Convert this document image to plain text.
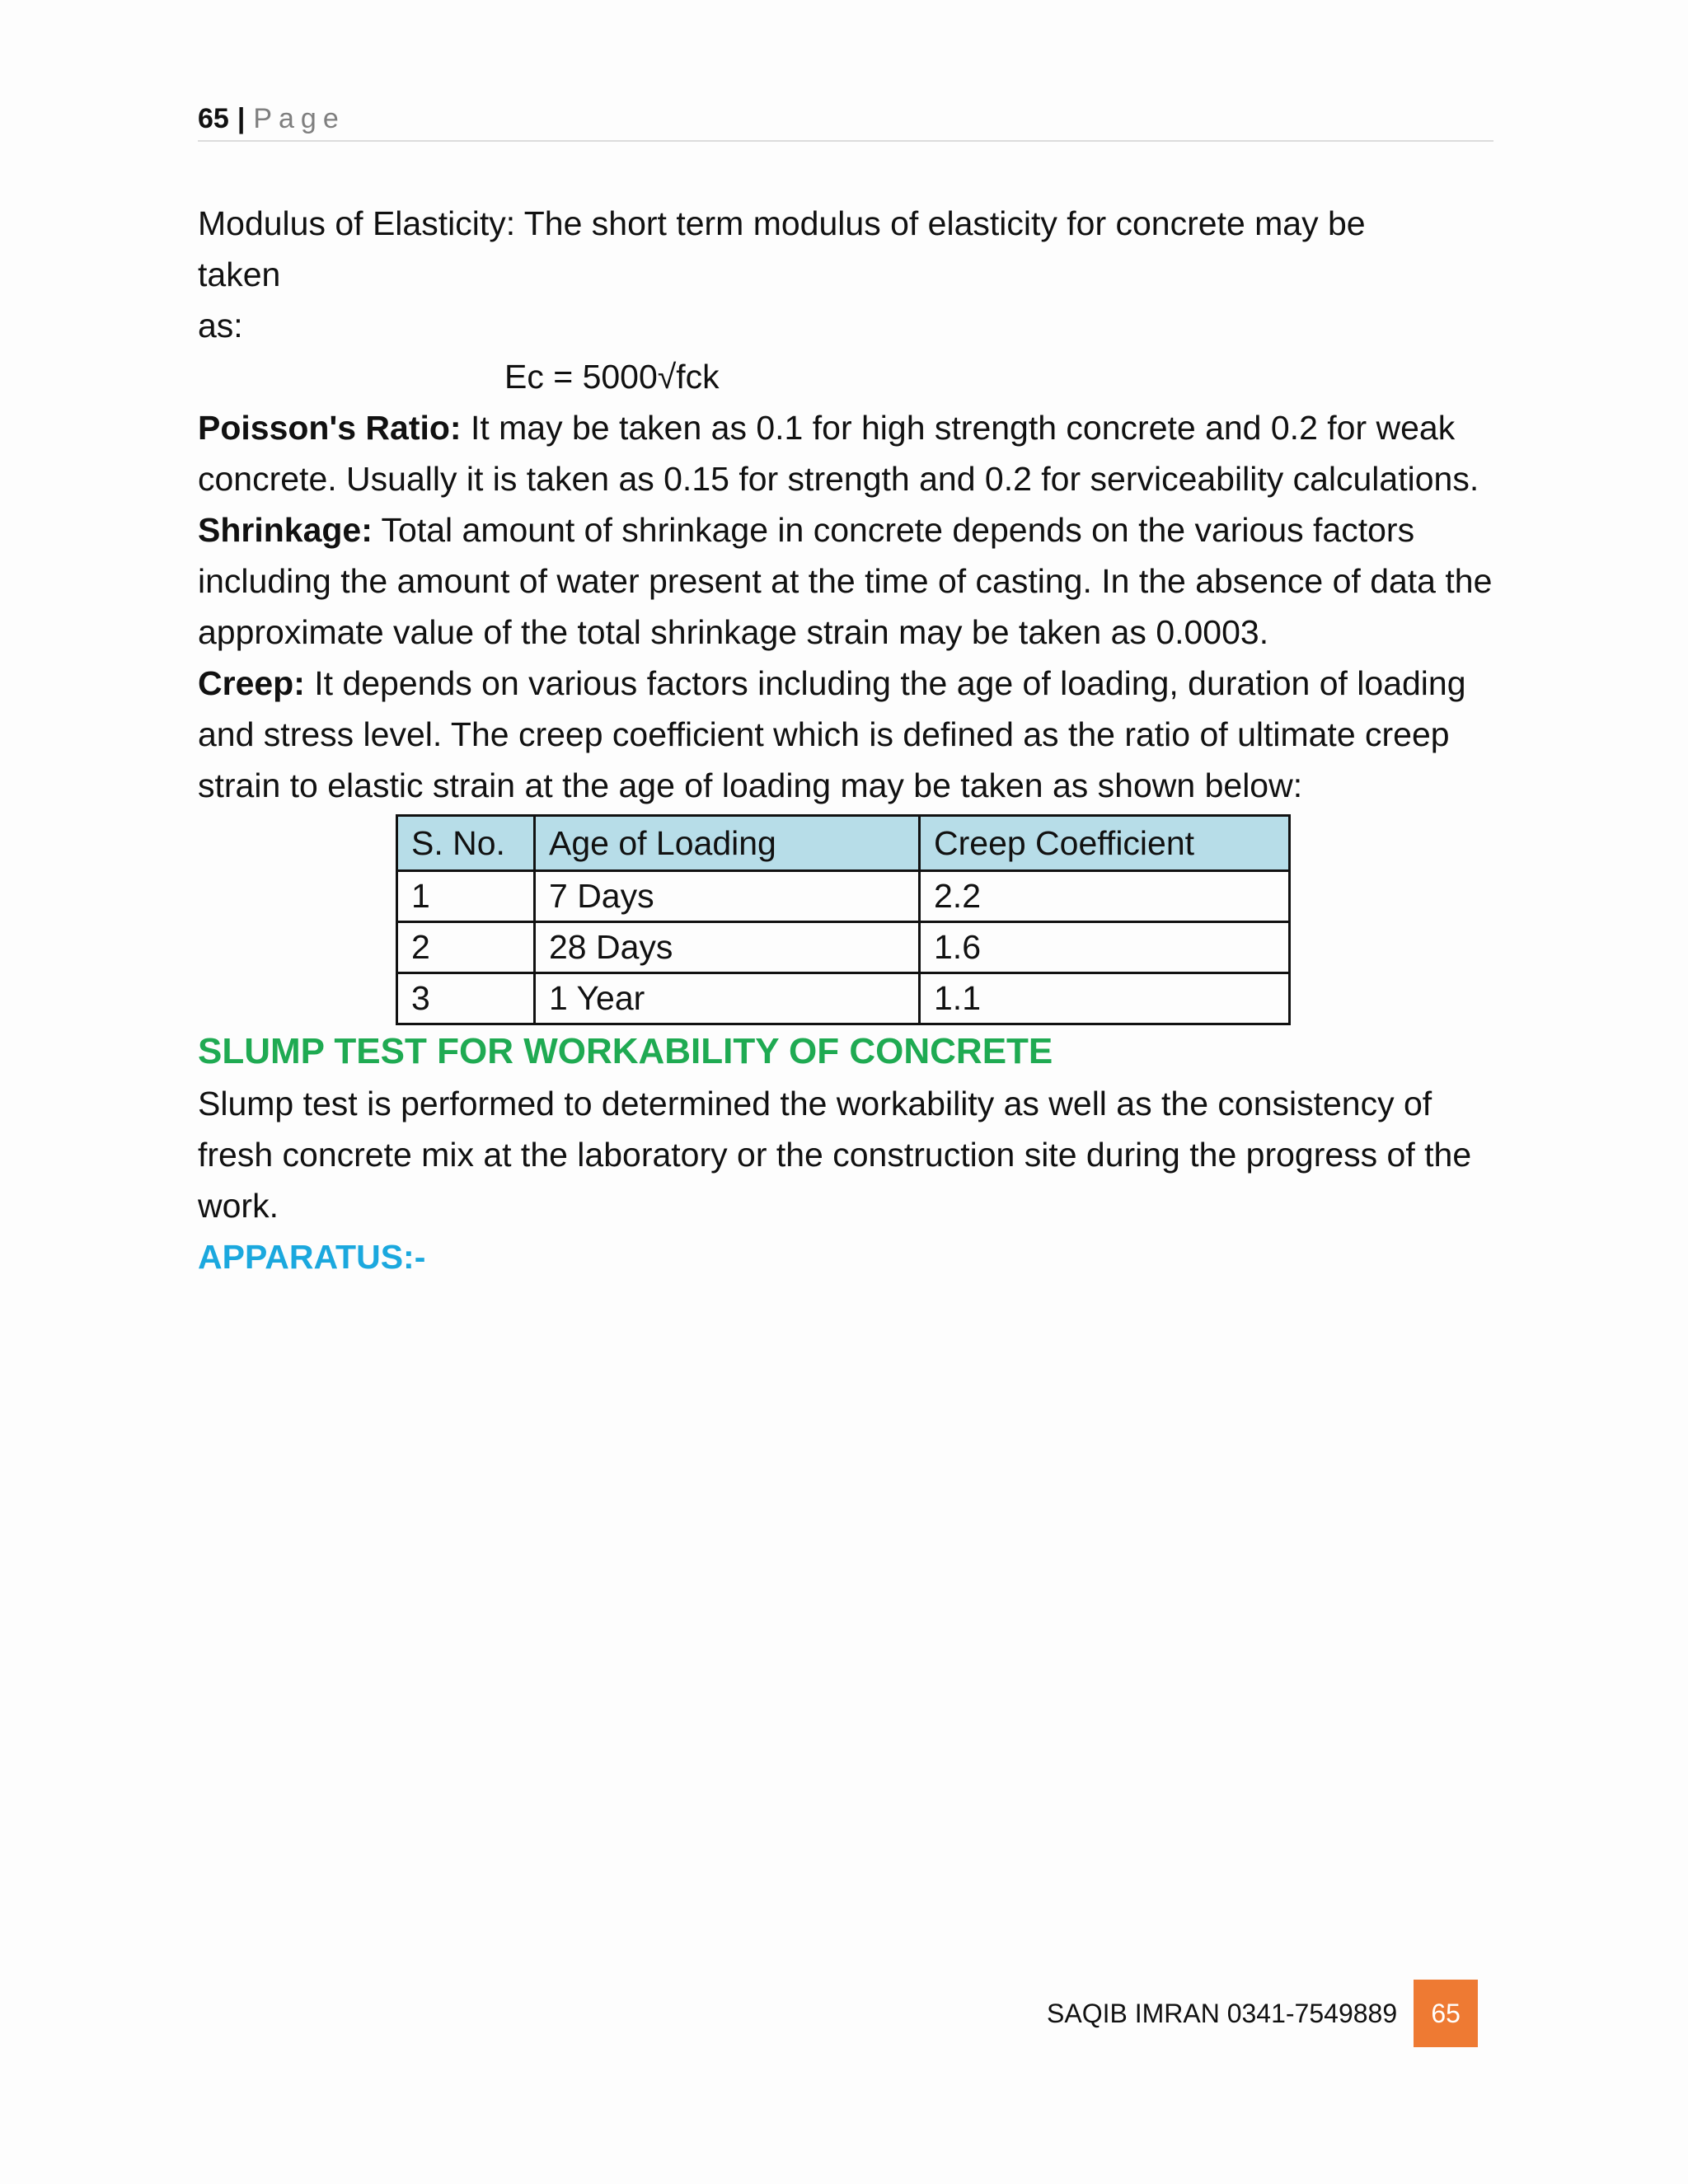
65 | Page

Modulus of Elasticity: The short term modulus of elasticity for concrete may be

taken

as:

Ec = 5000√fck

Poisson's Ratio: It may be taken as 0.1 for high strength concrete and 0.2 for weak concrete. Usually it is taken as 0.15 for strength and 0.2 for serviceability calculations.

Shrinkage: Total amount of shrinkage in concrete depends on the various factors including the amount of water present at the time of casting. In the absence of data the approximate value of the total shrinkage strain may be taken as 0.0003.

Creep: It depends on various factors including the age of loading, duration of loading and stress level. The creep coefficient which is defined as the ratio of ultimate creep strain to elastic strain at the age of loading may be taken as shown below:

S. No.	Age of Loading	Creep Coefficient
1	7 Days	2.2
2	28 Days	1.6
3	1 Year	1.1

SLUMP TEST FOR WORKABILITY OF CONCRETE

Slump test is performed to determined the workability as well as the consistency of fresh concrete mix at the laboratory or the construction site during the progress of the work.

APPARATUS:-

SAQIB IMRAN 0341-7549889	65
